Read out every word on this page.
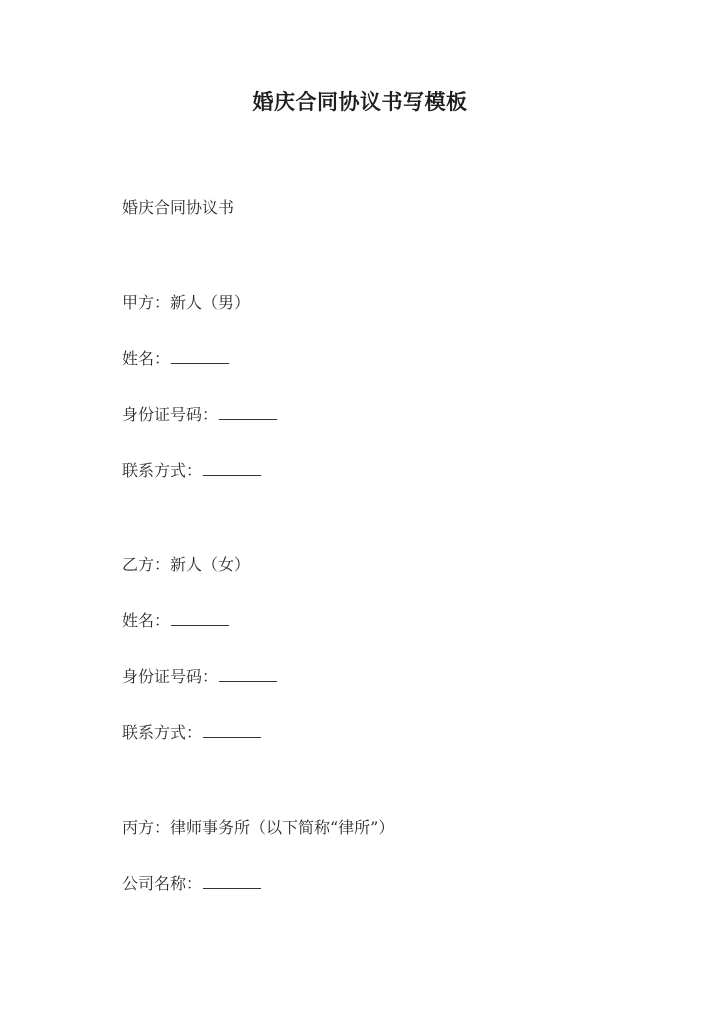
婚庆合同协议书写模板
婚庆合同协议书
甲方：新人（男）
姓名：
身份证号码：
联系方式：
乙方：新人（女）
姓名：
身份证号码：
联系方式：
丙方：律师事务所（以下简称“律所”）
公司名称：
